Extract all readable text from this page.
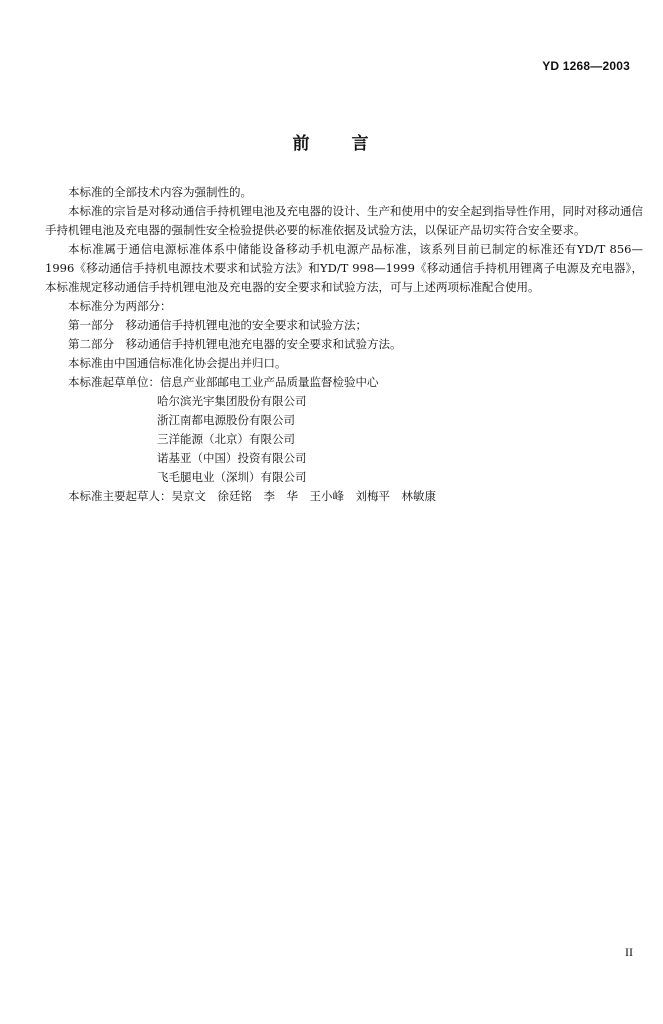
YD 1268—2003
前 言

本标准的全部技术内容为强制性的。

本标准的宗旨是对移动通信手持机锂电池及充电器的设计、生产和使用中的安全起到指导性作用，同时对移动通信手持机锂电池及充电器的强制性安全检验提供必要的标准依据及试验方法，以保证产品切实符合安全要求。

本标准属于通信电源标准体系中储能设备移动手机电源产品标准，该系列目前已制定的标准还有YD/T 856—1996《移动通信手持机电源技术要求和试验方法》和YD/T 998—1999《移动通信手持机用锂离子电源及充电器》，本标准规定移动通信手持机锂电池及充电器的安全要求和试验方法，可与上述两项标准配合使用。

本标准分为两部分：

第一部分　移动通信手持机锂电池的安全要求和试验方法；

第二部分　移动通信手持机锂电池充电器的安全要求和试验方法。

本标准由中国通信标准化协会提出并归口。

本标准起草单位：信息产业部邮电工业产品质量监督检验中心

哈尔滨光宇集团股份有限公司
浙江南都电源股份有限公司
三洋能源（北京）有限公司
诺基亚（中国）投资有限公司
飞毛腿电业（深圳）有限公司

本标准主要起草人：吴京文　徐廷铭　李　华　王小峰　刘梅平　林敏康

II
